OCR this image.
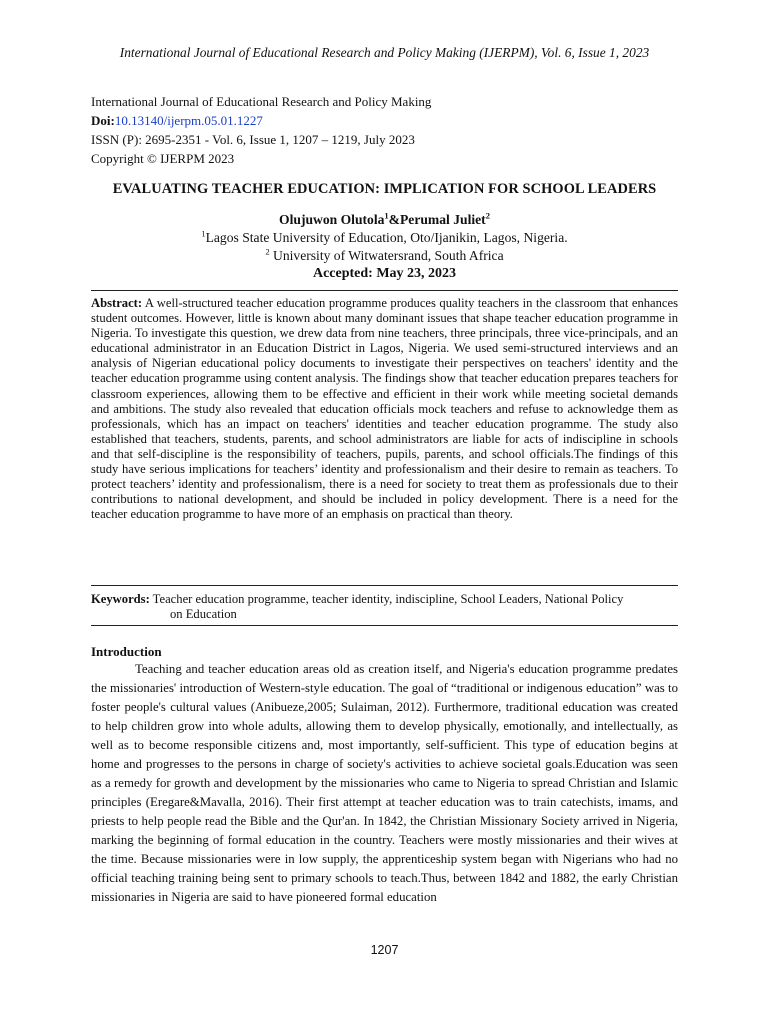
International Journal of Educational Research and Policy Making (IJERPM), Vol. 6, Issue 1, 2023
International Journal of Educational Research and Policy Making
Doi:10.13140/ijerpm.05.01.1227
ISSN (P): 2695-2351 - Vol. 6, Issue 1, 1207 – 1219, July 2023
Copyright © IJERPM 2023
EVALUATING TEACHER EDUCATION: IMPLICATION FOR SCHOOL LEADERS
Olujuwon Olutola$^1$&Perumal Juliet$^2$
$^1$Lagos State University of Education, Oto/Ijanikin, Lagos, Nigeria.
$^2$ University of Witwatersrand, South Africa
Accepted: May 23, 2023
Abstract: A well-structured teacher education programme produces quality teachers in the classroom that enhances student outcomes. However, little is known about many dominant issues that shape teacher education programme in Nigeria. To investigate this question, we drew data from nine teachers, three principals, three vice-principals, and an educational administrator in an Education District in Lagos, Nigeria. We used semi-structured interviews and an analysis of Nigerian educational policy documents to investigate their perspectives on teachers' identity and the teacher education programme using content analysis. The findings show that teacher education prepares teachers for classroom experiences, allowing them to be effective and efficient in their work while meeting societal demands and ambitions. The study also revealed that education officials mock teachers and refuse to acknowledge them as professionals, which has an impact on teachers' identities and teacher education programme. The study also established that teachers, students, parents, and school administrators are liable for acts of indiscipline in schools and that self-discipline is the responsibility of teachers, pupils, parents, and school officials.The findings of this study have serious implications for teachers’ identity and professionalism and their desire to remain as teachers. To protect teachers’ identity and professionalism, there is a need for society to treat them as professionals due to their contributions to national development, and should be included in policy development. There is a need for the teacher education programme to have more of an emphasis on practical than theory.
Keywords: Teacher education programme, teacher identity, indiscipline, School Leaders, National Policy
on Education
Introduction
Teaching and teacher education areas old as creation itself, and Nigeria's education programme predates the missionaries' introduction of Western-style education. The goal of “traditional or indigenous education” was to foster people's cultural values (Anibueze,2005; Sulaiman, 2012). Furthermore, traditional education was created to help children grow into whole adults, allowing them to develop physically, emotionally, and intellectually, as well as to become responsible citizens and, most importantly, self-sufficient. This type of education begins at home and progresses to the persons in charge of society's activities to achieve societal goals.Education was seen as a remedy for growth and development by the missionaries who came to Nigeria to spread Christian and Islamic principles (Eregare&Mavalla, 2016). Their first attempt at teacher education was to train catechists, imams, and priests to help people read the Bible and the Qur'an. In 1842, the Christian Missionary Society arrived in Nigeria, marking the beginning of formal education in the country. Teachers were mostly missionaries and their wives at the time. Because missionaries were in low supply, the apprenticeship system began with Nigerians who had no official teaching training being sent to primary schools to teach.Thus, between 1842 and 1882, the early Christian missionaries in Nigeria are said to have pioneered formal education
1207
